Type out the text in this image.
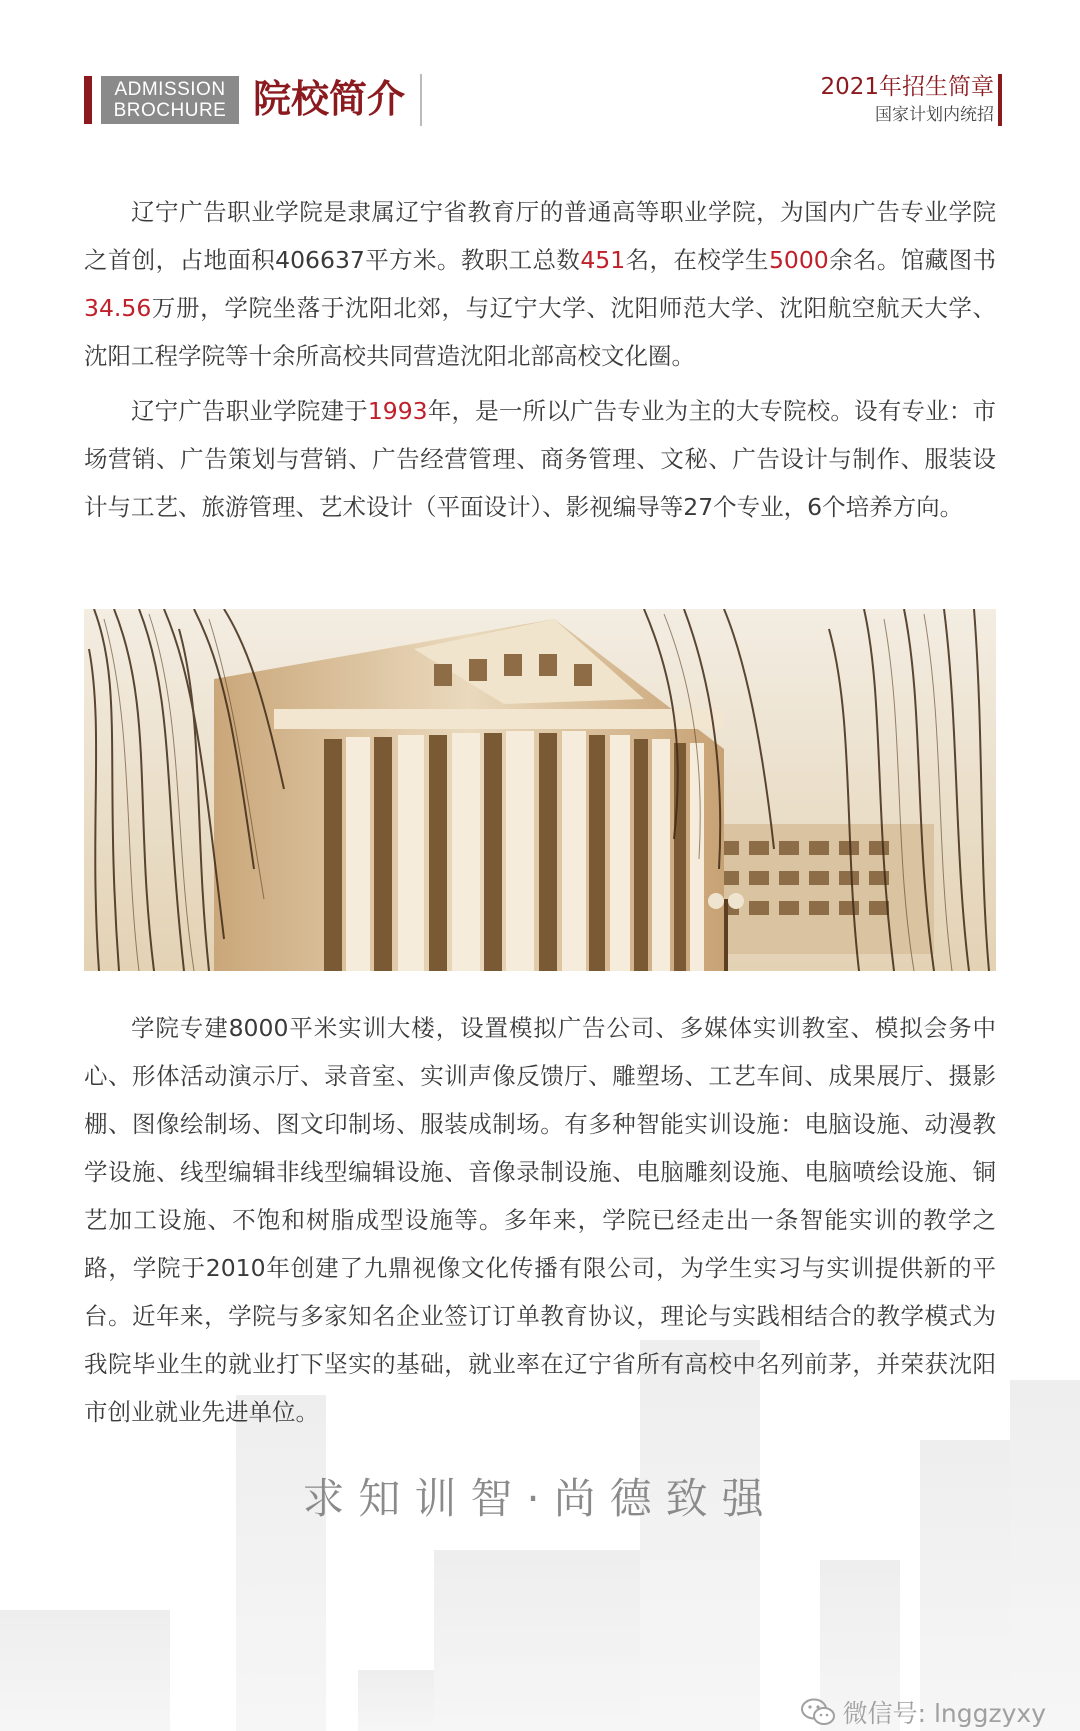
ADMISSION
BROCHURE 院校简介	2021年招生简章
国家计划内统招

辽宁广告职业学院是隶属辽宁省教育厅的普通高等职业学院，为国内广告专业学院之首创，占地面积406637平方米。教职工总数451名，在校学生5000余名。馆藏图书34.56万册，学院坐落于沈阳北郊，与辽宁大学、沈阳师范大学、沈阳航空航天大学、沈阳工程学院等十余所高校共同营造沈阳北部高校文化圈。

辽宁广告职业学院建于1993年，是一所以广告专业为主的大专院校。设有专业：市场营销、广告策划与营销、广告经营管理、商务管理、文秘、广告设计与制作、服装设计与工艺、旅游管理、艺术设计（平面设计）、影视编导等27个专业，6个培养方向。

学院专建8000平米实训大楼，设置模拟广告公司、多媒体实训教室、模拟会务中心、形体活动演示厅、录音室、实训声像反馈厅、雕塑场、工艺车间、成果展厅、摄影棚、图像绘制场、图文印制场、服装成制场。有多种智能实训设施：电脑设施、动漫教学设施、线型编辑非线型编辑设施、音像录制设施、电脑雕刻设施、电脑喷绘设施、铜艺加工设施、不饱和树脂成型设施等。多年来，学院已经走出一条智能实训的教学之路，学院于2010年创建了九鼎视像文化传播有限公司，为学生实习与实训提供新的平台。近年来，学院与多家知名企业签订订单教育协议，理论与实践相结合的教学模式为我院毕业生的就业打下坚实的基础，就业率在辽宁省所有高校中名列前茅，并荣获沈阳市创业就业先进单位。

求知训智·尚德致强
微信号: lnggzyxy
